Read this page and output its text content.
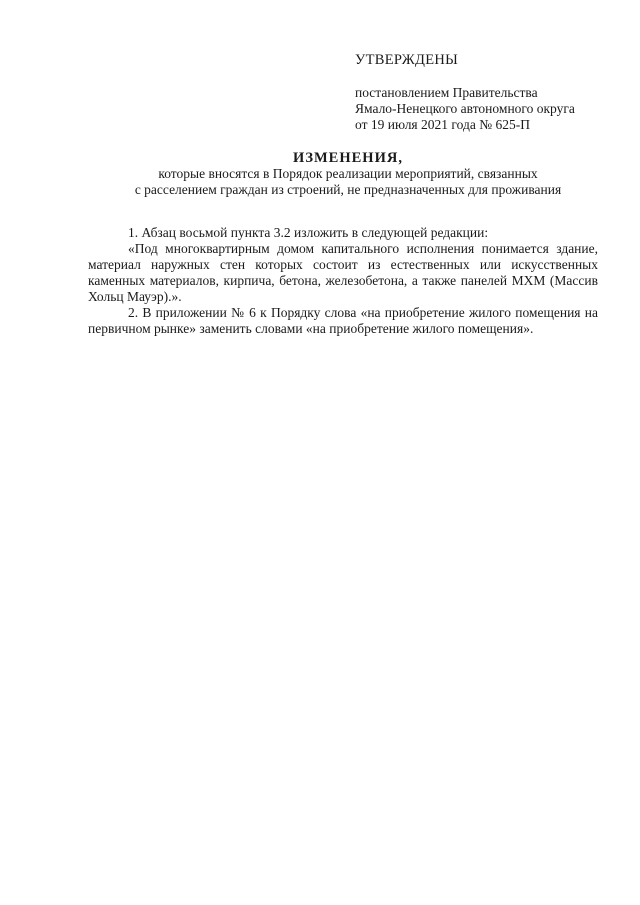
УТВЕРЖДЕНЫ
постановлением Правительства
Ямало-Ненецкого автономного округа
от 19 июля 2021 года № 625-П
ИЗМЕНЕНИЯ,
которые вносятся в Порядок реализации мероприятий, связанных
с расселением граждан из строений, не предназначенных для проживания

1. Абзац восьмой пункта 3.2 изложить в следующей редакции:

«Под многоквартирным домом капитального исполнения понимается здание, материал наружных стен которых состоит из естественных или искусственных каменных материалов, кирпича, бетона, железобетона, а также панелей МХМ (Массив Хольц Мауэр).».

2. В приложении № 6 к Порядку слова «на приобретение жилого помещения на первичном рынке» заменить словами «на приобретение жилого помещения».
